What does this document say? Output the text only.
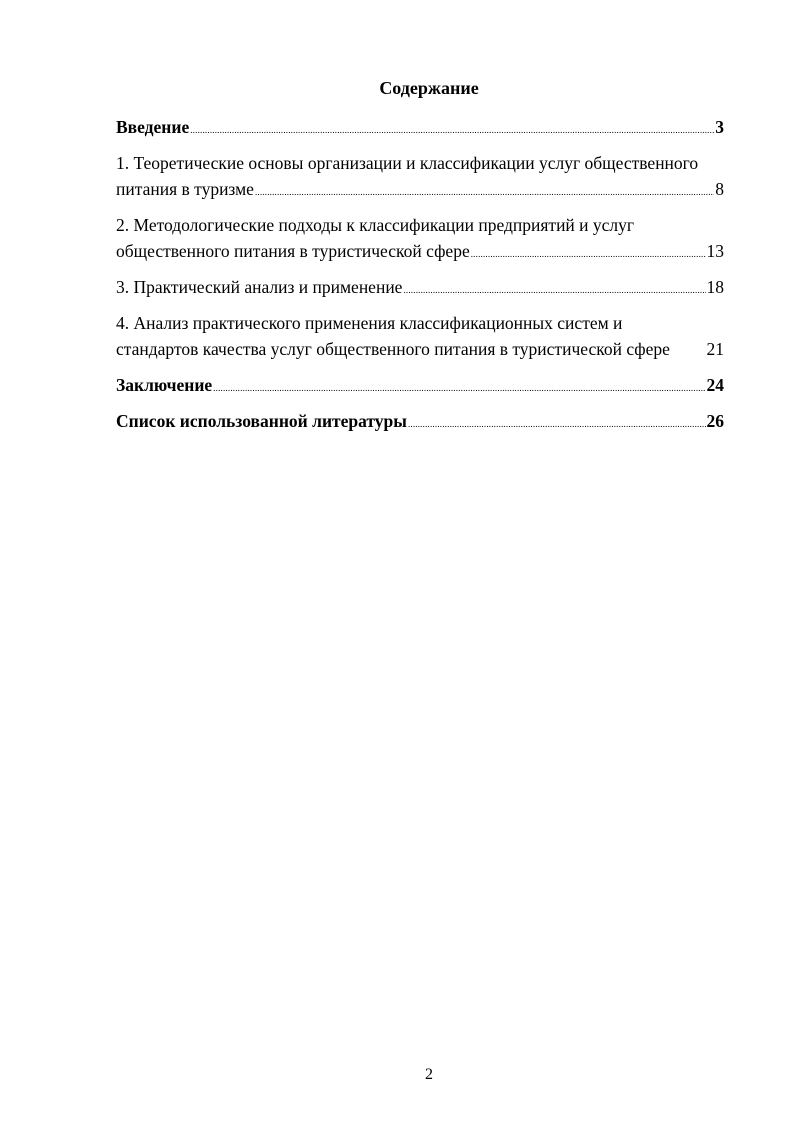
Содержание
Введение .....	3
1. Теоретические основы организации и классификации услуг общественного
питания в туризме .....	8
2. Методологические подходы к классификации предприятий и услуг
общественного питания в туристической сфере .....	13
3. Практический анализ и применение .....	18
4. Анализ практического применения классификационных систем и
стандартов качества услуг общественного питания в туристической сфере 21
Заключение .....	24
Список использованной литературы .....	26
2
